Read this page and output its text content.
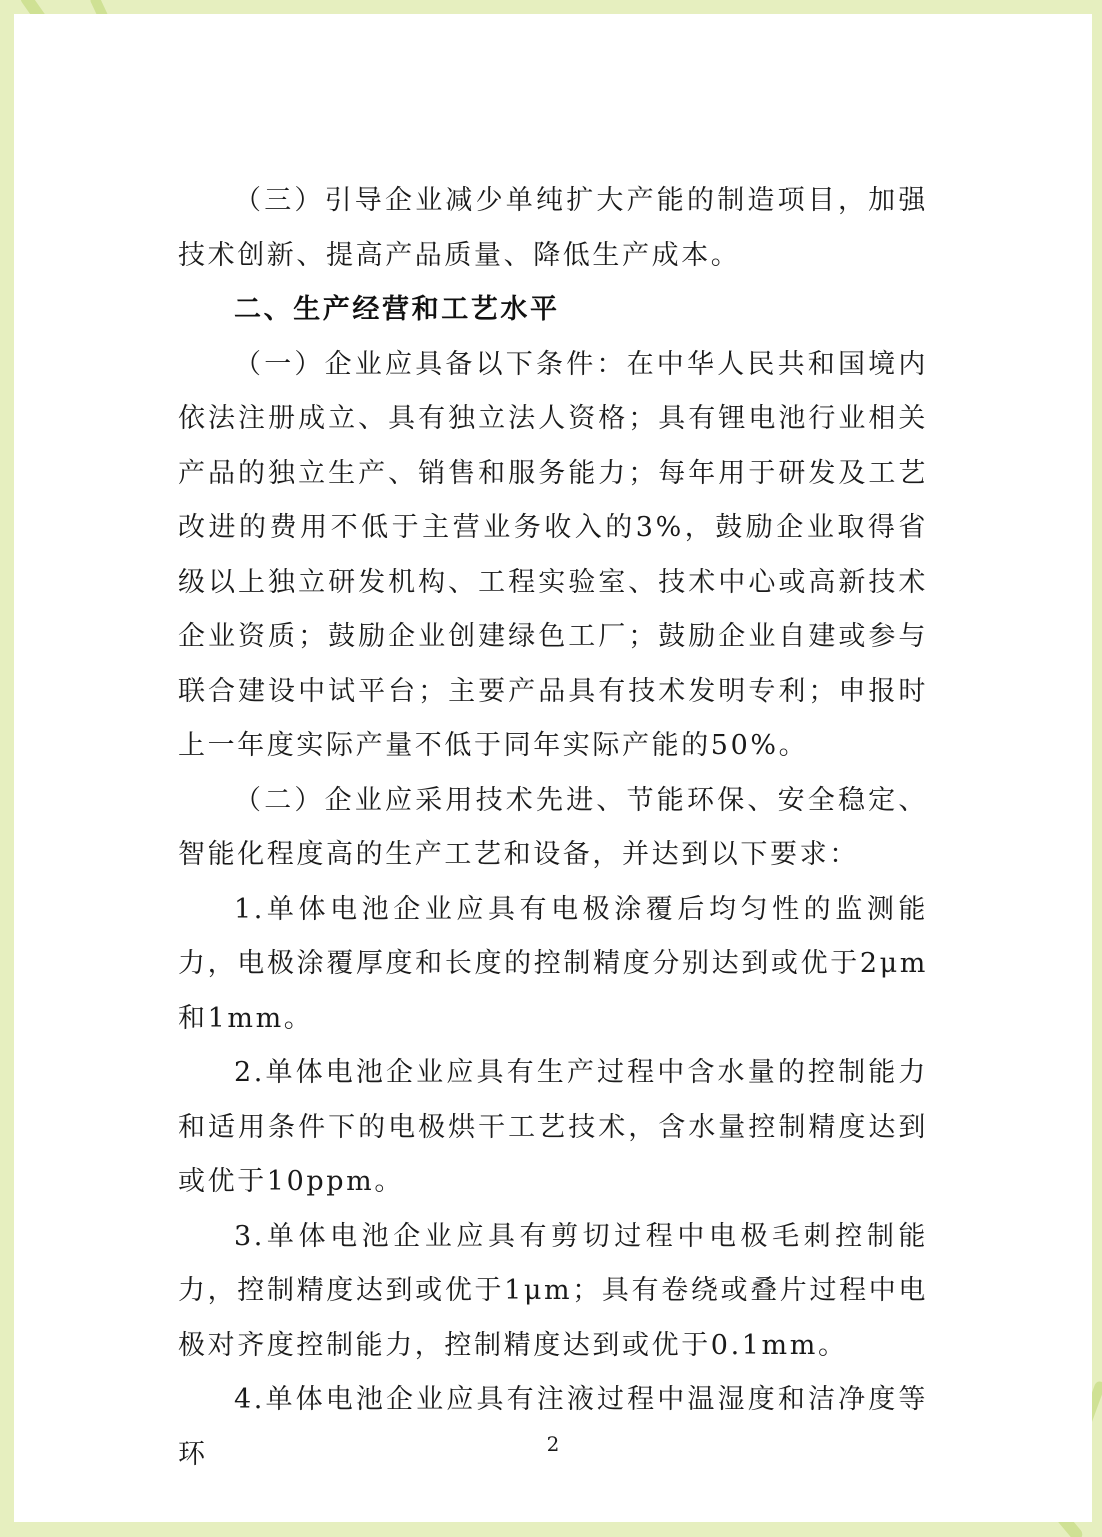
（三）引导企业减少单纯扩大产能的制造项目，加强技术创新、提高产品质量、降低生产成本。

二、生产经营和工艺水平

（一）企业应具备以下条件：在中华人民共和国境内依法注册成立、具有独立法人资格；具有锂电池行业相关产品的独立生产、销售和服务能力；每年用于研发及工艺改进的费用不低于主营业务收入的3%，鼓励企业取得省级以上独立研发机构、工程实验室、技术中心或高新技术企业资质；鼓励企业创建绿色工厂；鼓励企业自建或参与联合建设中试平台；主要产品具有技术发明专利；申报时上一年度实际产量不低于同年实际产能的50%。

（二）企业应采用技术先进、节能环保、安全稳定、智能化程度高的生产工艺和设备，并达到以下要求：

1.单体电池企业应具有电极涂覆后均匀性的监测能力，电极涂覆厚度和长度的控制精度分别达到或优于2μm和1mm。

2.单体电池企业应具有生产过程中含水量的控制能力和适用条件下的电极烘干工艺技术，含水量控制精度达到或优于10ppm。

3.单体电池企业应具有剪切过程中电极毛刺控制能力，控制精度达到或优于1μm；具有卷绕或叠片过程中电极对齐度控制能力，控制精度达到或优于0.1mm。

4.单体电池企业应具有注液过程中温湿度和洁净度等环	2
